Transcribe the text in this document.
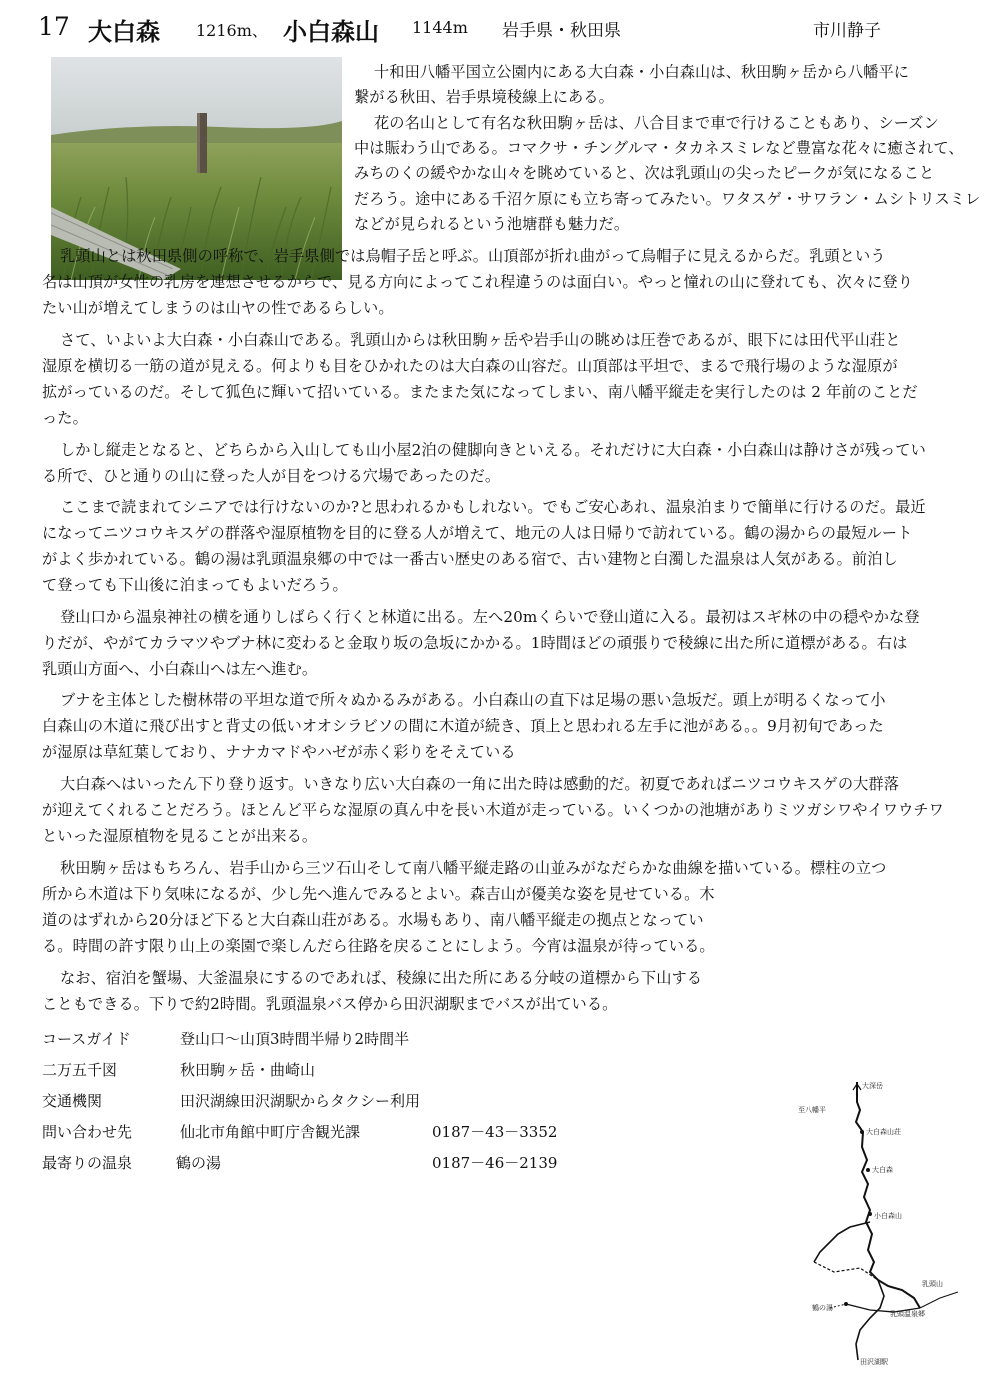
17 大白森 1216m、 小白森山 1144m 岩手県・秋田県	市川静子
十和田八幡平国立公園内にある大白森・小白森山は、秋田駒ヶ岳から八幡平に
繋がる秋田、岩手県境稜線上にある。
花の名山として有名な秋田駒ヶ岳は、八合目まで車で行けることもあり、シーズン
中は賑わう山である。コマクサ・チングルマ・タカネスミレなど豊富な花々に癒されて、
みちのくの緩やかな山々を眺めていると、次は乳頭山の尖ったピークが気になること
だろう。途中にある千沼ケ原にも立ち寄ってみたい。ワタスゲ・サワラン・ムシトリスミレ
などが見られるという池塘群も魅力だ。
乳頭山とは秋田県側の呼称で、岩手県側では烏帽子岳と呼ぶ。山頂部が折れ曲がって烏帽子に見えるからだ。乳頭という
名は山頂が女性の乳房を連想させるからで、見る方向によってこれ程違うのは面白い。やっと憧れの山に登れても、次々に登り
たい山が増えてしまうのは山ヤの性であるらしい。
さて、いよいよ大白森・小白森山である。乳頭山からは秋田駒ヶ岳や岩手山の眺めは圧巻であるが、眼下には田代平山荘と
湿原を横切る一筋の道が見える。何よりも目をひかれたのは大白森の山容だ。山頂部は平坦で、まるで飛行場のような湿原が
拡がっているのだ。そして狐色に輝いて招いている。またまた気になってしまい、南八幡平縦走を実行したのは 2 年前のことだ
った。
しかし縦走となると、どちらから入山しても山小屋2泊の健脚向きといえる。それだけに大白森・小白森山は静けさが残ってい
る所で、ひと通りの山に登った人が目をつける穴場であったのだ。
ここまで読まれてシニアでは行けないのか?と思われるかもしれない。でもご安心あれ、温泉泊まりで簡単に行けるのだ。最近
になってニツコウキスゲの群落や湿原植物を目的に登る人が増えて、地元の人は日帰りで訪れている。鶴の湯からの最短ルート
がよく歩かれている。鶴の湯は乳頭温泉郷の中では一番古い歴史のある宿で、古い建物と白濁した温泉は人気がある。前泊し
て登っても下山後に泊まってもよいだろう。
登山口から温泉神社の横を通りしばらく行くと林道に出る。左へ20mくらいで登山道に入る。最初はスギ林の中の穏やかな登
りだが、やがてカラマツやブナ林に変わると金取り坂の急坂にかかる。1時間ほどの頑張りで稜線に出た所に道標がある。右は
乳頭山方面へ、小白森山へは左へ進む。
ブナを主体とした樹林帯の平坦な道で所々ぬかるみがある。小白森山の直下は足場の悪い急坂だ。頭上が明るくなって小
白森山の木道に飛び出すと背丈の低いオオシラビソの間に木道が続き、頂上と思われる左手に池がある。。9月初旬であった
が湿原は草紅葉しており、ナナカマドやハゼが赤く彩りをそえている
大白森へはいったん下り登り返す。いきなり広い大白森の一角に出た時は感動的だ。初夏であればニツコウキスゲの大群落
が迎えてくれることだろう。ほとんど平らな湿原の真ん中を長い木道が走っている。いくつかの池塘がありミツガシワやイワウチワ
といった湿原植物を見ることが出来る。
秋田駒ヶ岳はもちろん、岩手山から三ツ石山そして南八幡平縦走路の山並みがなだらかな曲線を描いている。標柱の立つ
所から木道は下り気味になるが、少し先へ進んでみるとよい。森吉山が優美な姿を見せている。木
道のはずれから20分ほど下ると大白森山荘がある。水場もあり、南八幡平縦走の拠点となってい
る。時間の許す限り山上の楽園で楽しんだら往路を戻ることにしよう。今宵は温泉が待っている。
なお、宿泊を蟹場、大釜温泉にするのであれば、稜線に出た所にある分岐の道標から下山する
こともできる。下りで約2時間。乳頭温泉バス停から田沢湖駅までバスが出ている。
コースガイド	登山口～山頂3時間半帰り2時間半
二万五千図	秋田駒ヶ岳・曲崎山
交通機関	田沢湖線田沢湖駅からタクシー利用
問い合わせ先	仙北市角館中町庁舎観光課	0187－43－3352
最寄りの温泉	鶴の湯	0187－46－2139
大深岳
至八幡平
大白森山荘
大白森
小白森山
乳頭山
鶴の湯
乳頭温泉郷
田沢湖駅
